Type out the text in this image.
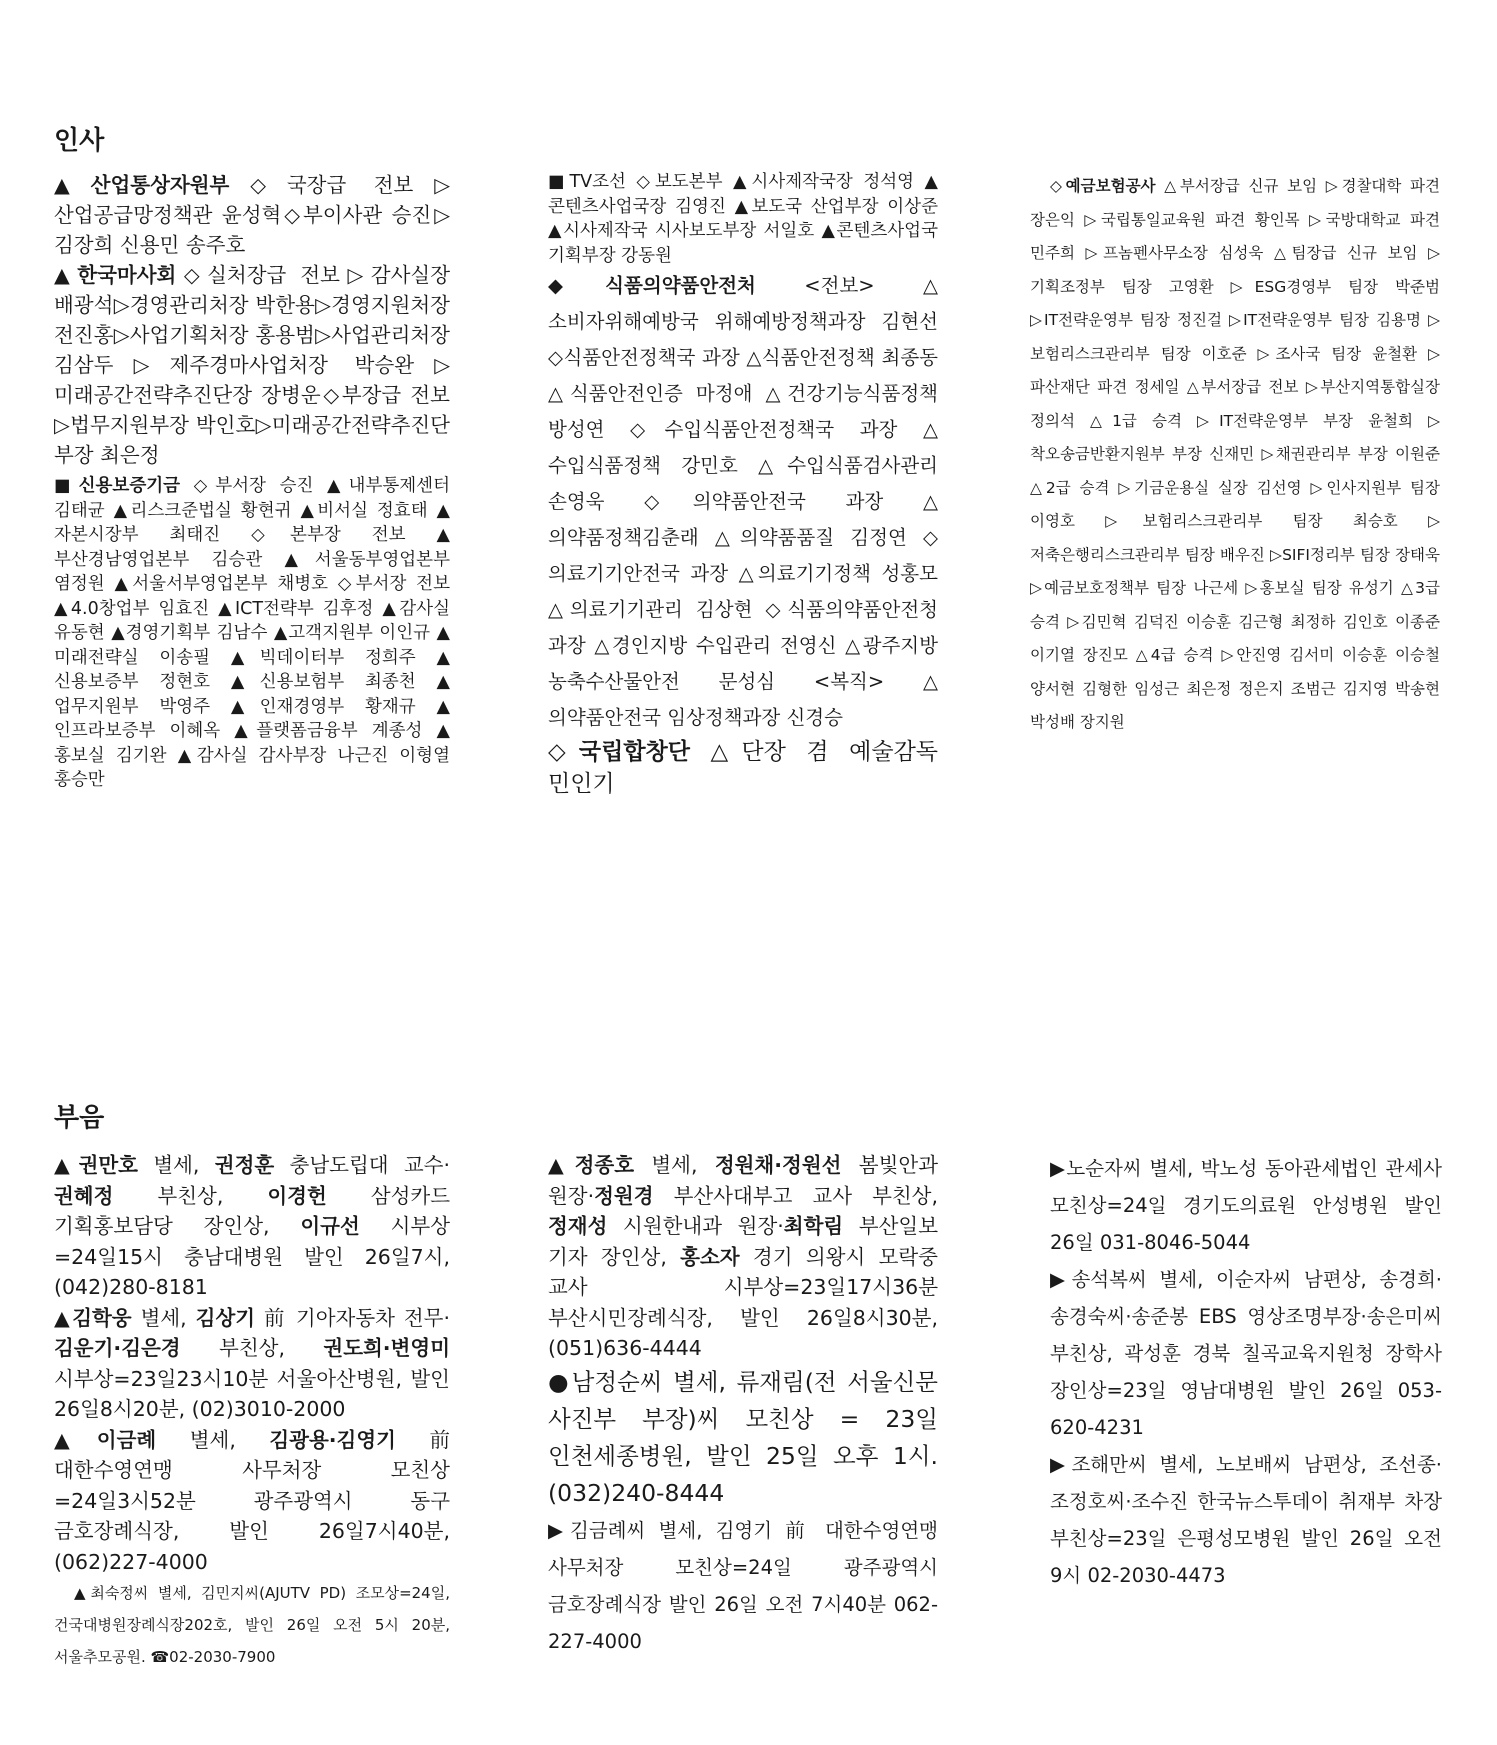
인사
▲산업통상자원부◇국장급 전보▷산업공급망정책관 윤성혁◇부이사관 승진▷김장희 신용민 송주호
▲한국마사회◇실처장급 전보▷감사실장 배광석▷경영관리처장 박한용▷경영지원처장 전진홍▷사업기획처장 홍용범▷사업관리처장 김삼두▷제주경마사업처장 박승완▷미래공간전략추진단장 장병운◇부장급 전보▷법무지원부장 박인호▷미래공간전략추진단 부장 최은정
■신용보증기금 ◇부서장 승진 ▲내부통제센터 김태균 ▲리스크준법실 황현귀 ▲비서실 정효태 ▲자본시장부 최태진 ◇본부장 전보 ▲부산경남영업본부 김승관 ▲서울동부영업본부 염정원 ▲서울서부영업본부 채병호 ◇부서장 전보 ▲4.0창업부 임효진 ▲ICT전략부 김후정 ▲감사실 유동현 ▲경영기획부 김남수 ▲고객지원부 이인규 ▲미래전략실 이송필 ▲빅데이터부 정희주 ▲신용보증부 정현호 ▲신용보험부 최종천 ▲업무지원부 박영주 ▲인재경영부 황재규 ▲인프라보증부 이혜옥 ▲플랫폼금융부 계종성 ▲홍보실 김기완 ▲감사실 감사부장 나근진 이형열 홍승만
■TV조선 ◇보도본부 ▲시사제작국장 정석영 ▲콘텐츠사업국장 김영진 ▲보도국 산업부장 이상준 ▲시사제작국 시사보도부장 서일호 ▲콘텐츠사업국 기획부장 강동원
◆식품의약품안전처 <전보> △소비자위해예방국 위해예방정책과장 김현선 ◇식품안전정책국 과장 △식품안전정책 최종동 △식품안전인증 마정애 △건강기능식품정책 방성연 ◇수입식품안전정책국 과장 △수입식품정책 강민호 △수입식품검사관리 손영욱 ◇의약품안전국 과장 △의약품정책김춘래 △의약품품질 김정연 ◇의료기기안전국 과장 △의료기기정책 성홍모 △의료기기관리 김상현 ◇식품의약품안전청 과장 △경인지방 수입관리 전영신 △광주지방 농축수산물안전 문성심 <복직> △의약품안전국 임상정책과장 신경승
◇국립합창단 △단장 겸 예술감독 민인기
◇예금보험공사 △부서장급 신규 보임 ▷경찰대학 파견 장은익 ▷국립통일교육원 파견 황인목 ▷국방대학교 파견 민주희 ▷프놈펜사무소장 심성욱 △팀장급 신규 보임 ▷기획조정부 팀장 고영환 ▷ESG경영부 팀장 박준범 ▷IT전략운영부 팀장 정진걸 ▷IT전략운영부 팀장 김용명 ▷보험리스크관리부 팀장 이호준 ▷조사국 팀장 윤철환 ▷파산재단 파견 정세일 △부서장급 전보 ▷부산지역통합실장 정의석 △1급 승격 ▷IT전략운영부 부장 윤철희 ▷착오송금반환지원부 부장 신재민 ▷채권관리부 부장 이원준 △2급 승격 ▷기금운용실 실장 김선영 ▷인사지원부 팀장 이영호 ▷보험리스크관리부 팀장 최승호 ▷저축은행리스크관리부 팀장 배우진 ▷SIFI정리부 팀장 장태욱 ▷예금보호정책부 팀장 나근세 ▷홍보실 팀장 유성기 △3급 승격 ▷김민혁 김덕진 이승훈 김근형 최정하 김인호 이종준 이기열 장진모 △4급 승격 ▷안진영 김서미 이승훈 이승철 양서현 김형한 임성근 최은정 정은지 조범근 김지영 박송현 박성배 장지원
부음
▲권만호 별세, 권정훈 충남도립대 교수·권혜정 부친상, 이경헌 삼성카드 기획홍보담당 장인상, 이규선 시부상=24일15시 충남대병원 발인 26일7시, (042)280-8181
▲김학웅 별세, 김상기 前 기아자동차 전무·김운기·김은경 부친상, 권도희·변영미 시부상=23일23시10분 서울아산병원, 발인 26일8시20분, (02)3010-2000
▲이금례 별세, 김광용·김영기 前 대한수영연맹 사무처장 모친상=24일3시52분 광주광역시 동구 금호장례식장, 발인 26일7시40분, (062)227-4000
▲최숙정씨 별세, 김민지씨(AJUTV PD) 조모상=24일, 건국대병원장례식장202호, 발인 26일 오전 5시 20분, 서울추모공원. ☎02-2030-7900
▲정종호 별세, 정원채·정원선 봄빛안과 원장·정원경 부산사대부고 교사 부친상, 정재성 시원한내과 원장·최학림 부산일보 기자 장인상, 홍소자 경기 의왕시 모락중 교사 시부상=23일17시36분 부산시민장례식장, 발인 26일8시30분, (051)636-4444
●남정순씨 별세, 류재림(전 서울신문 사진부 부장)씨 모친상 = 23일 인천세종병원, 발인 25일 오후 1시. (032)240-8444
▶김금례씨 별세, 김영기 前 대한수영연맹 사무처장 모친상=24일 광주광역시 금호장례식장 발인 26일 오전 7시40분 062-227-4000
▶노순자씨 별세, 박노성 동아관세법인 관세사 모친상=24일 경기도의료원 안성병원 발인 26일 031-8046-5044
▶송석복씨 별세, 이순자씨 남편상, 송경희·송경숙씨·송준봉 EBS 영상조명부장·송은미씨 부친상, 곽성훈 경북 칠곡교육지원청 장학사 장인상=23일 영남대병원 발인 26일 053-620-4231
▶조해만씨 별세, 노보배씨 남편상, 조선종·조정호씨·조수진 한국뉴스투데이 취재부 차장 부친상=23일 은평성모병원 발인 26일 오전 9시 02-2030-4473
